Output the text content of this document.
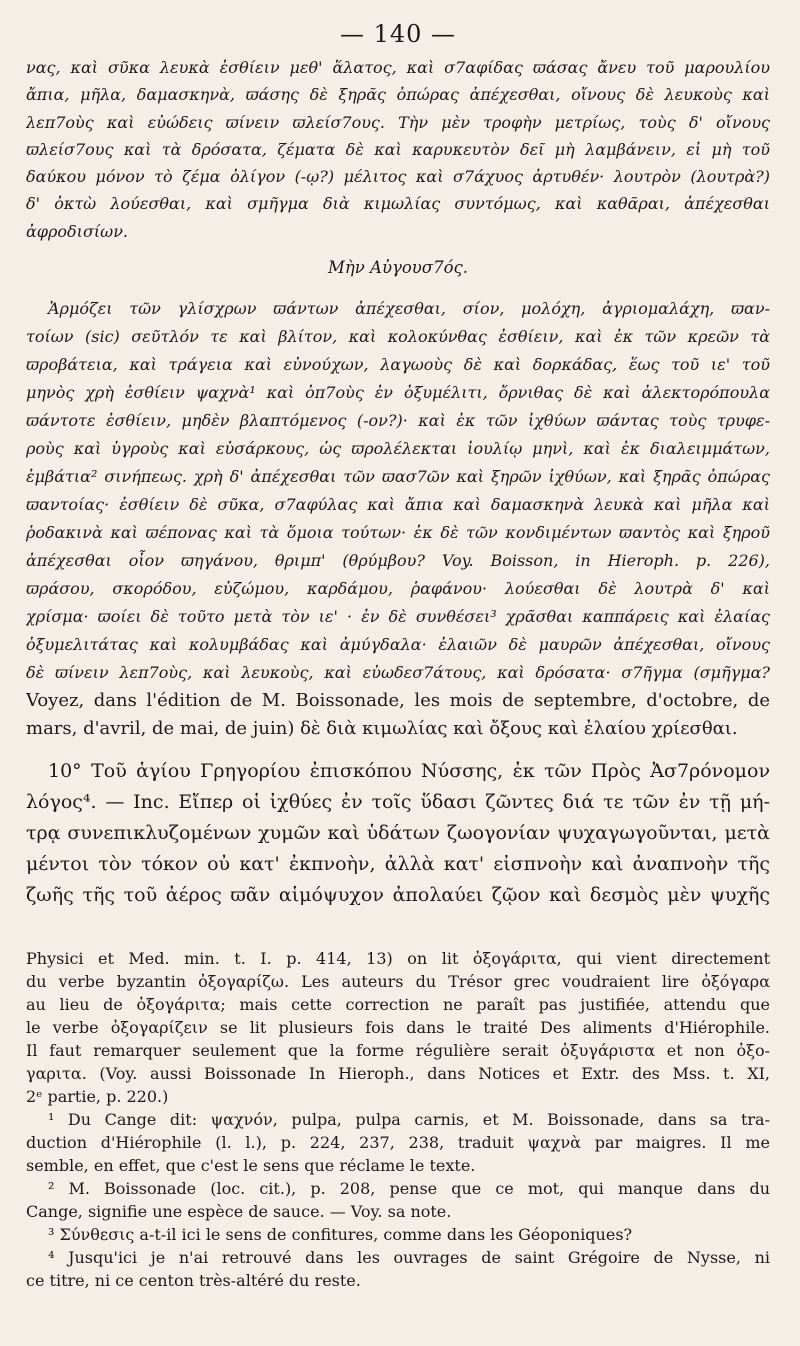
— 140 —
νας, καὶ σῦκα λευκὰ ἐσθίειν μεθ' ἅλατος, καὶ σ7αφίδας ϖάσας ἄνευ τοῦ μαρουλίου
ἄπια, μῆλα, δαμασκηνὰ, ϖάσης δὲ ξηρᾶς ὀπώρας ἀπέχεσθαι, οἴνους δὲ λευκοὺς καὶ
λεπ7οὺς καὶ εὐώδεις ϖίνειν ϖλείσ7ους. Τὴν μὲν τροφὴν μετρίως, τοὺς δ' οἴνους
ϖλείσ7ους καὶ τὰ δρόσατα, ζέματα δὲ καὶ καρυκευτὸν δεῖ μὴ λαμβάνειν, εἰ μὴ τοῦ
δαύκου μόνον τὸ ζέμα ὀλίγον (-ῳ?) μέλιτος καὶ σ7άχυος ἀρτυθέν· λουτρὸν (λουτρὰ?)
δ' ὀκτὼ λούεσθαι, καὶ σμῆγμα διὰ κιμωλίας συντόμως, καὶ καθᾶραι, ἀπέχεσθαι
ἀφροδισίων.
Μὴν Αὐγουσ7ός.
Ἁρμόζει τῶν γλίσχρων ϖάντων ἀπέχεσθαι, σίον, μολόχη, ἀγριομαλάχη, ϖαν-
τοίων (sic) σεῦτλόν τε καὶ βλίτον, καὶ κολοκύνθας ἐσθίειν, καὶ ἐκ τῶν κρεῶν τὰ
ϖροβάτεια, καὶ τράγεια καὶ εὐνούχων, λαγωοὺς δὲ καὶ δορκάδας, ἕως τοῦ ιε' τοῦ
μηνὸς χρὴ ἐσθίειν ψαχνὰ¹ καὶ ὀπ7οὺς ἐν ὀξυμέλιτι, ὄρνιθας δὲ καὶ ἀλεκτορόπουλα
ϖάντοτε ἐσθίειν, μηδὲν βλαπτόμενος (-ον?)· καὶ ἐκ τῶν ἰχθύων ϖάντας τοὺς τρυφε-
ροὺς καὶ ὑγροὺς καὶ εὐσάρκους, ὡς ϖρολέλεκται ἰουλίῳ μηνὶ, καὶ ἐκ διαλειμμάτων,
ἐμβάτια² σινήπεως. χρὴ δ' ἀπέχεσθαι τῶν ϖασ7ῶν καὶ ξηρῶν ἰχθύων, καὶ ξηρᾶς ὀπώρας
ϖαντοίας· ἐσθίειν δὲ σῦκα, σ7αφύλας καὶ ἄπια καὶ δαμασκηνὰ λευκὰ καὶ μῆλα καὶ
ῥοδακινὰ καὶ ϖέπονας καὶ τὰ ὅμοια τούτων· ἐκ δὲ τῶν κονδιμέντων ϖαντὸς καὶ ξηροῦ
ἀπέχεσθαι οἷον ϖηγάνου, θριμπ' (θρύμβου? Voy. Boisson, in Hieroph. p. 226),
ϖράσου, σκορόδου, εὐζώμου, καρδάμου, ῥαφάνου· λούεσθαι δὲ λουτρὰ δ' καὶ
χρίσμα· ϖοίει δὲ τοῦτο μετὰ τὸν ιε' · ἐν δὲ συνθέσει³ χρᾶσθαι καππάρεις καὶ ἐλαίας
ὀξυμελιτάτας καὶ κολυμβάδας καὶ ἀμύγδαλα· ἐλαιῶν δὲ μαυρῶν ἀπέχεσθαι, οἴνους
δὲ ϖίνειν λεπ7οὺς, καὶ λευκοὺς, καὶ εὐωδεσ7άτους, καὶ δρόσατα· σ7ῆγμα (σμῆγμα?
Voyez, dans l'édition de M. Boissonade, les mois de septembre, d'octobre, de
mars, d'avril, de mai, de juin) δὲ διὰ κιμωλίας καὶ ὄξους καὶ ἐλαίου χρίεσθαι.
10° Τοῦ ἁγίου Γρηγορίου ἐπισκόπου Νύσσης, ἐκ τῶν Πρὸς Ἀσ7ρόνομον
λόγος⁴. — Inc. Εἴπερ οἱ ἰχθύες ἐν τοῖς ὕδασι ζῶντες διά τε τῶν ἐν τῇ μή-
τρᾳ συνεπικλυζομένων χυμῶν καὶ ὑδάτων ζωογονίαν ψυχαγωγοῦνται, μετὰ
μέντοι τὸν τόκον οὐ κατ' ἐκπνοὴν, ἀλλὰ κατ' εἰσπνοὴν καὶ ἀναπνοὴν τῆς
ζωῆς τῆς τοῦ ἀέρος ϖᾶν αἱμόψυχον ἀπολαύει ζῷον καὶ δεσμὸς μὲν ψυχῆς
Physici et Med. min. t. I. p. 414, 13) on lit ὀξογάριτα, qui vient directement
du verbe byzantin ὀξογαρίζω. Les auteurs du Trésor grec voudraient lire ὀξόγαρα
au lieu de ὀξογάριτα; mais cette correction ne paraît pas justifiée, attendu que
le verbe ὀξογαρίζειν se lit plusieurs fois dans le traité Des aliments d'Hiérophile.
Il faut remarquer seulement que la forme régulière serait ὀξυγάριστα et non ὀξο-
γαριτα. (Voy. aussi Boissonade In Hieroph., dans Notices et Extr. des Mss. t. XI,
2ᵉ partie, p. 220.)
¹ Du Cange dit: ψαχνόν, pulpa, pulpa carnis, et M. Boissonade, dans sa tra-
duction d'Hiérophile (l. l.), p. 224, 237, 238, traduit ψαχνὰ par maigres. Il me
semble, en effet, que c'est le sens que réclame le texte.
² M. Boissonade (loc. cit.), p. 208, pense que ce mot, qui manque dans du
Cange, signifie une espèce de sauce. — Voy. sa note.
³ Σύνθεσις a-t-il ici le sens de confitures, comme dans les Géoponiques?
⁴ Jusqu'ici je n'ai retrouvé dans les ouvrages de saint Grégoire de Nysse, ni
ce titre, ni ce centon très-altéré du reste.
